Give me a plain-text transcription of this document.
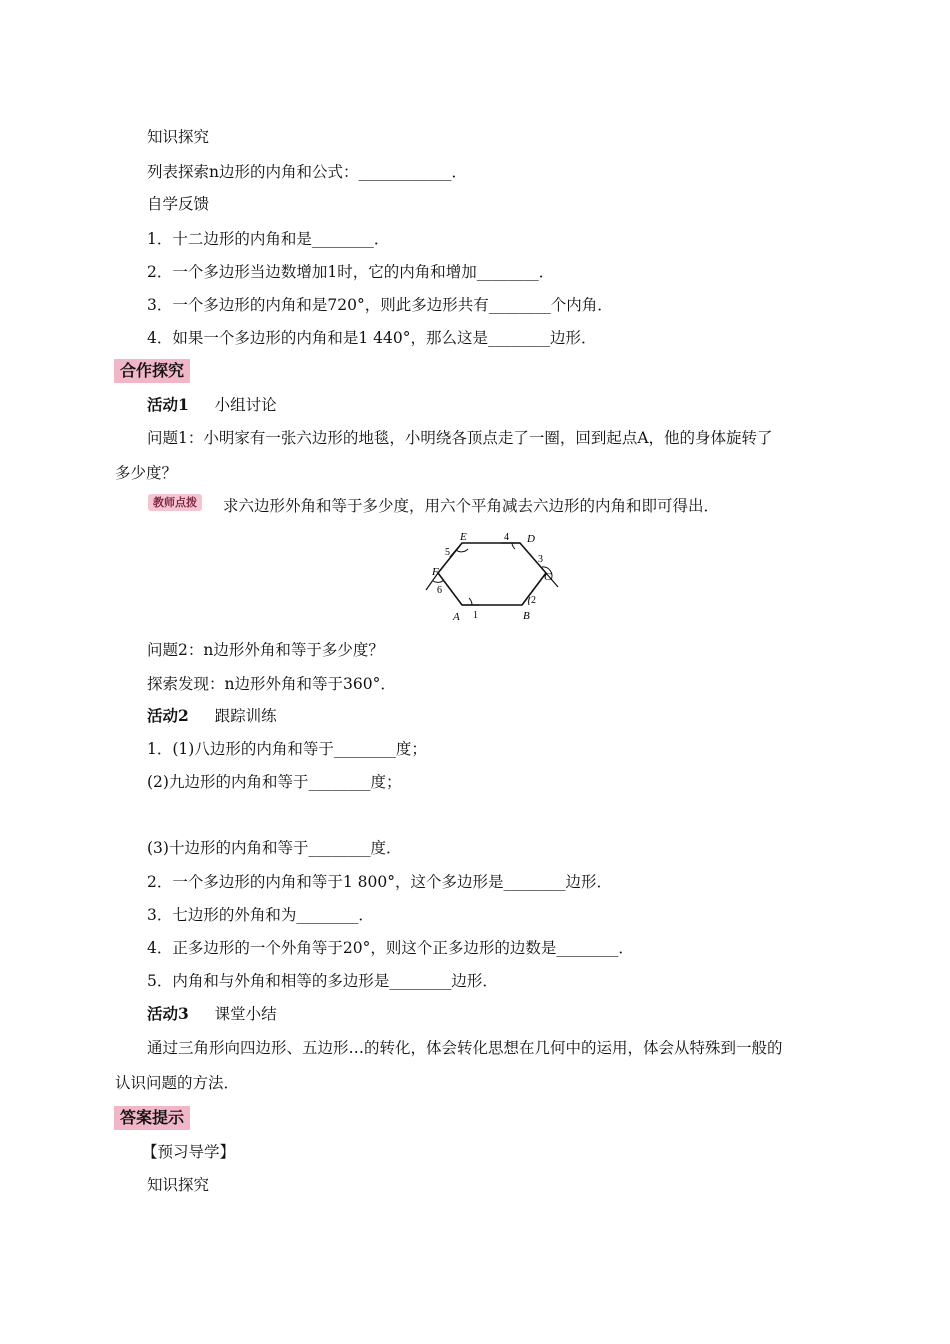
知识探究
列表探索n边形的内角和公式：____________．
自学反馈
1．十二边形的内角和是________．
2．一个多边形当边数增加1时，它的内角和增加________．
3．一个多边形的内角和是720°，则此多边形共有________个内角．
4．如果一个多边形的内角和是1 440°，那么这是________边形．
合作探究
活动1 小组讨论
问题1：小明家有一张六边形的地毯，小明绕各顶点走了一圈，回到起点A，他的身体旋转了
多少度？
教师点拨	求六边形外角和等于多少度，用六个平角减去六边形的内角和即可得出．
A	B
C
D
E
F
1
2
3
4
5
6
问题2：n边形外角和等于多少度？
探索发现：n边形外角和等于360°．
活动2 跟踪训练
1．(1)八边形的内角和等于________度；
(2)九边形的内角和等于________度；
(3)十边形的内角和等于________度．
2．一个多边形的内角和等于1 800°，这个多边形是________边形．
3．七边形的外角和为________．
4．正多边形的一个外角等于20°，则这个正多边形的边数是________．
5．内角和与外角和相等的多边形是________边形．
活动3 课堂小结
通过三角形向四边形、五边形…的转化，体会转化思想在几何中的运用，体会从特殊到一般的
认识问题的方法．
答案提示
【预习导学】
知识探究
